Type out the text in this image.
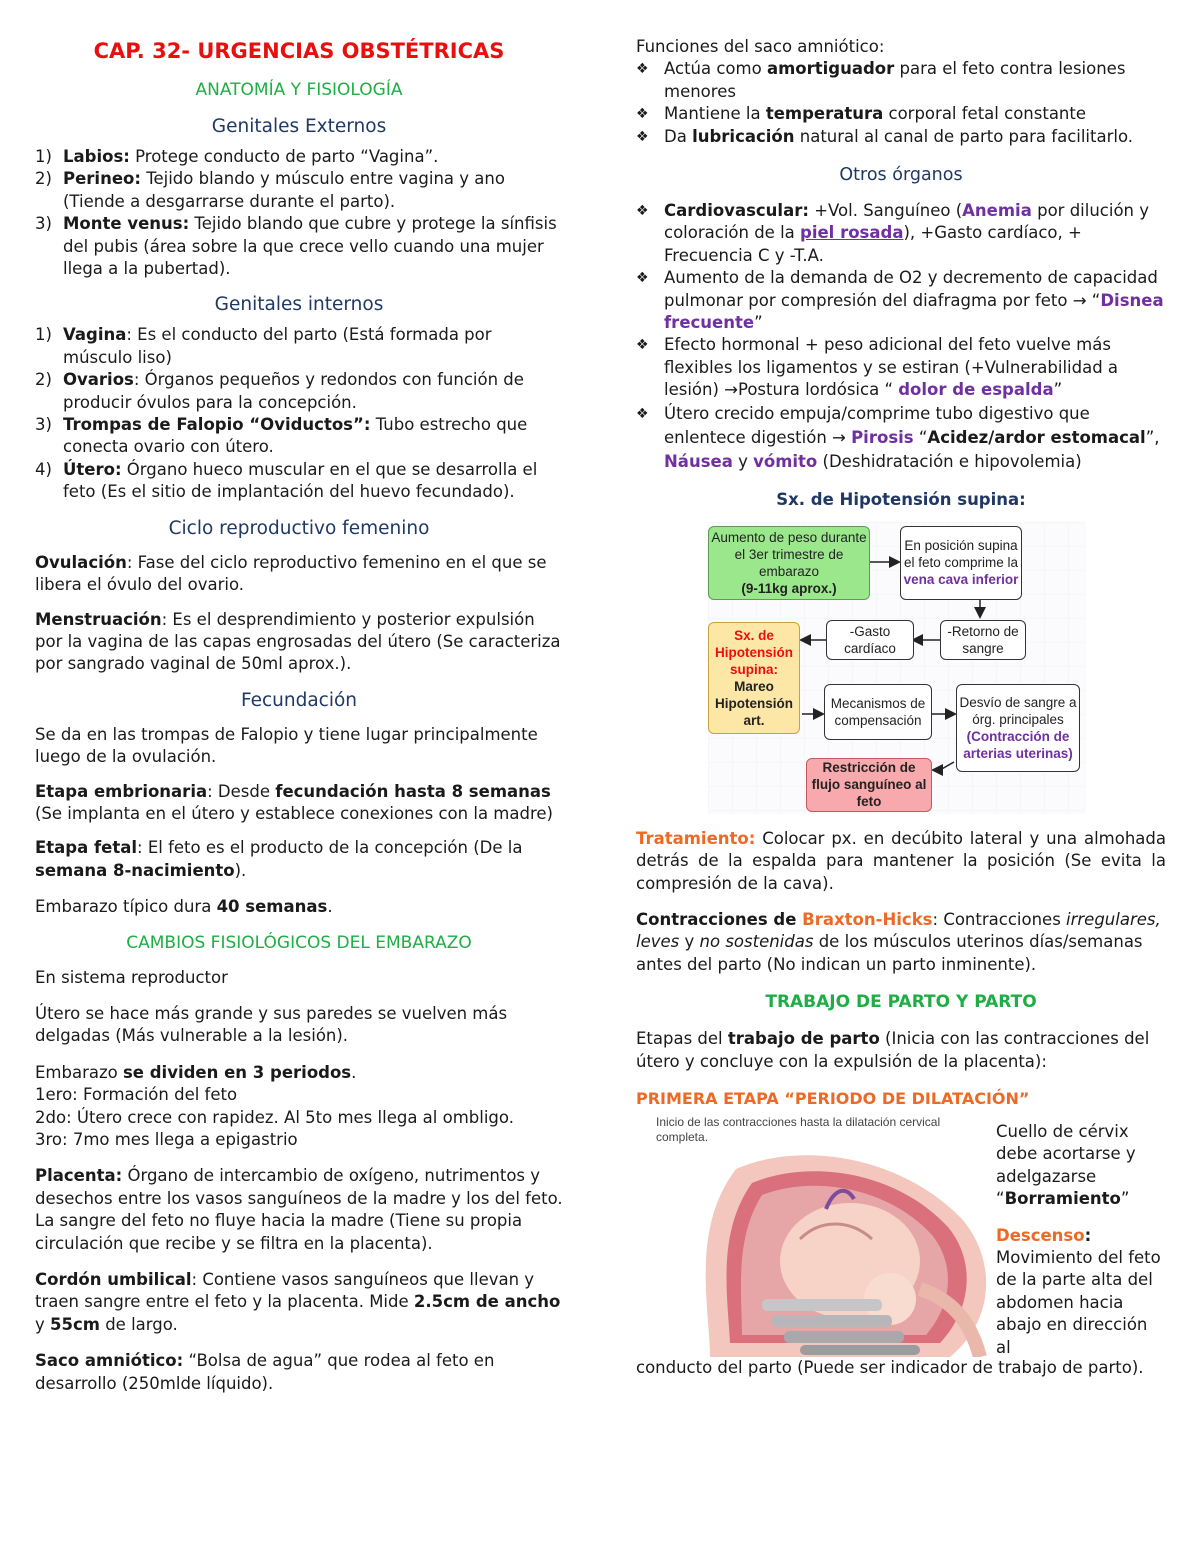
CAP. 32- URGENCIAS OBSTÉTRICAS
ANATOMÍA Y FISIOLOGÍA
Genitales Externos
1) Labios: Protege conducto de parto “Vagina”.
2) Perineo: Tejido blando y músculo entre vagina y ano (Tiende a desgarrarse durante el parto).
3) Monte venus: Tejido blando que cubre y protege la sínfisis del pubis (área sobre la que crece vello cuando una mujer llega a la pubertad).
Genitales internos
1) Vagina: Es el conducto del parto (Está formada por músculo liso)
2) Ovarios: Órganos pequeños y redondos con función de producir óvulos para la concepción.
3) Trompas de Falopio “Oviductos”: Tubo estrecho que conecta ovario con útero.
4) Útero: Órgano hueco muscular en el que se desarrolla el feto (Es el sitio de implantación del huevo fecundado).
Ciclo reproductivo femenino

Ovulación: Fase del ciclo reproductivo femenino en el que se libera el óvulo del ovario.

Menstruación: Es el desprendimiento y posterior expulsión por la vagina de las capas engrosadas del útero (Se caracteriza por sangrado vaginal de 50ml aprox.).

Fecundación

Se da en las trompas de Falopio y tiene lugar principalmente luego de la ovulación.

Etapa embrionaria: Desde fecundación hasta 8 semanas (Se implanta en el útero y establece conexiones con la madre)

Etapa fetal: El feto es el producto de la concepción (De la semana 8-nacimiento).

Embarazo típico dura 40 semanas.

CAMBIOS FISIOLÓGICOS DEL EMBARAZO

En sistema reproductor

Útero se hace más grande y sus paredes se vuelven más delgadas (Más vulnerable a la lesión).

Embarazo se dividen en 3 periodos.

1ero: Formación del feto

2do: Útero crece con rapidez. Al 5to mes llega al ombligo.

3ro: 7mo mes llega a epigastrio

Placenta: Órgano de intercambio de oxígeno, nutrimentos y desechos entre los vasos sanguíneos de la madre y los del feto. La sangre del feto no fluye hacia la madre (Tiene su propia circulación que recibe y se filtra en la placenta).

Cordón umbilical: Contiene vasos sanguíneos que llevan y traen sangre entre el feto y la placenta. Mide 2.5cm de ancho y 55cm de largo.

Saco amniótico: “Bolsa de agua” que rodea al feto en desarrollo (250mlde líquido).

Funciones del saco amniótico:

❖ Actúa como amortiguador para el feto contra lesiones menores
❖ Mantiene la temperatura corporal fetal constante
❖ Da lubricación natural al canal de parto para facilitarlo.
Otros órganos
❖ Cardiovascular: +Vol. Sanguíneo (Anemia por dilución y coloración de la piel rosada), +Gasto cardíaco, + Frecuencia C y -T.A.
❖ Aumento de la demanda de O2 y decremento de capacidad pulmonar por compresión del diafragma por feto → “Disnea frecuente”
❖ Efecto hormonal + peso adicional del feto vuelve más flexibles los ligamentos y se estiran (+Vulnerabilidad a lesión) →Postura lordósica “ dolor de espalda”
❖ Útero crecido empuja/comprime tubo digestivo que enlentece digestión → Pirosis “Acidez/ardor estomacal”, Náusea y vómito (Deshidratación e hipovolemia)
Sx. de Hipotensión supina:
Aumento de peso durante el 3er trimestre de embarazo
(9-11kg aprox.)
En posición supina el feto comprime la
vena cava inferior
-Retorno de sangre
-Gasto cardíaco
Sx. de Hipotensión supina:
Mareo Hipotensión art.
Mecanismos de compensación
Desvío de sangre a órg. principales
(Contracción de arterias uterinas)
Restricción de flujo sanguíneo al feto

Tratamiento: Colocar px. en decúbito lateral y una almohada detrás de la espalda para mantener la posición (Se evita la compresión de la cava).

Contracciones de Braxton-Hicks: Contracciones irregulares, leves y no sostenidas de los músculos uterinos días/semanas antes del parto (No indican un parto inminente).

TRABAJO DE PARTO Y PARTO

Etapas del trabajo de parto (Inicia con las contracciones del útero y concluye con la expulsión de la placenta):

PRIMERA ETAPA “PERIODO DE DILATACIÓN”
Inicio de las contracciones hasta la dilatación cervical completa.	Cuello de cérvix debe acortarse y adelgazarse “Borramiento”

Descenso: Movimiento del feto de la parte alta del abdomen hacia abajo en dirección al

conducto del parto (Puede ser indicador de trabajo de parto).
